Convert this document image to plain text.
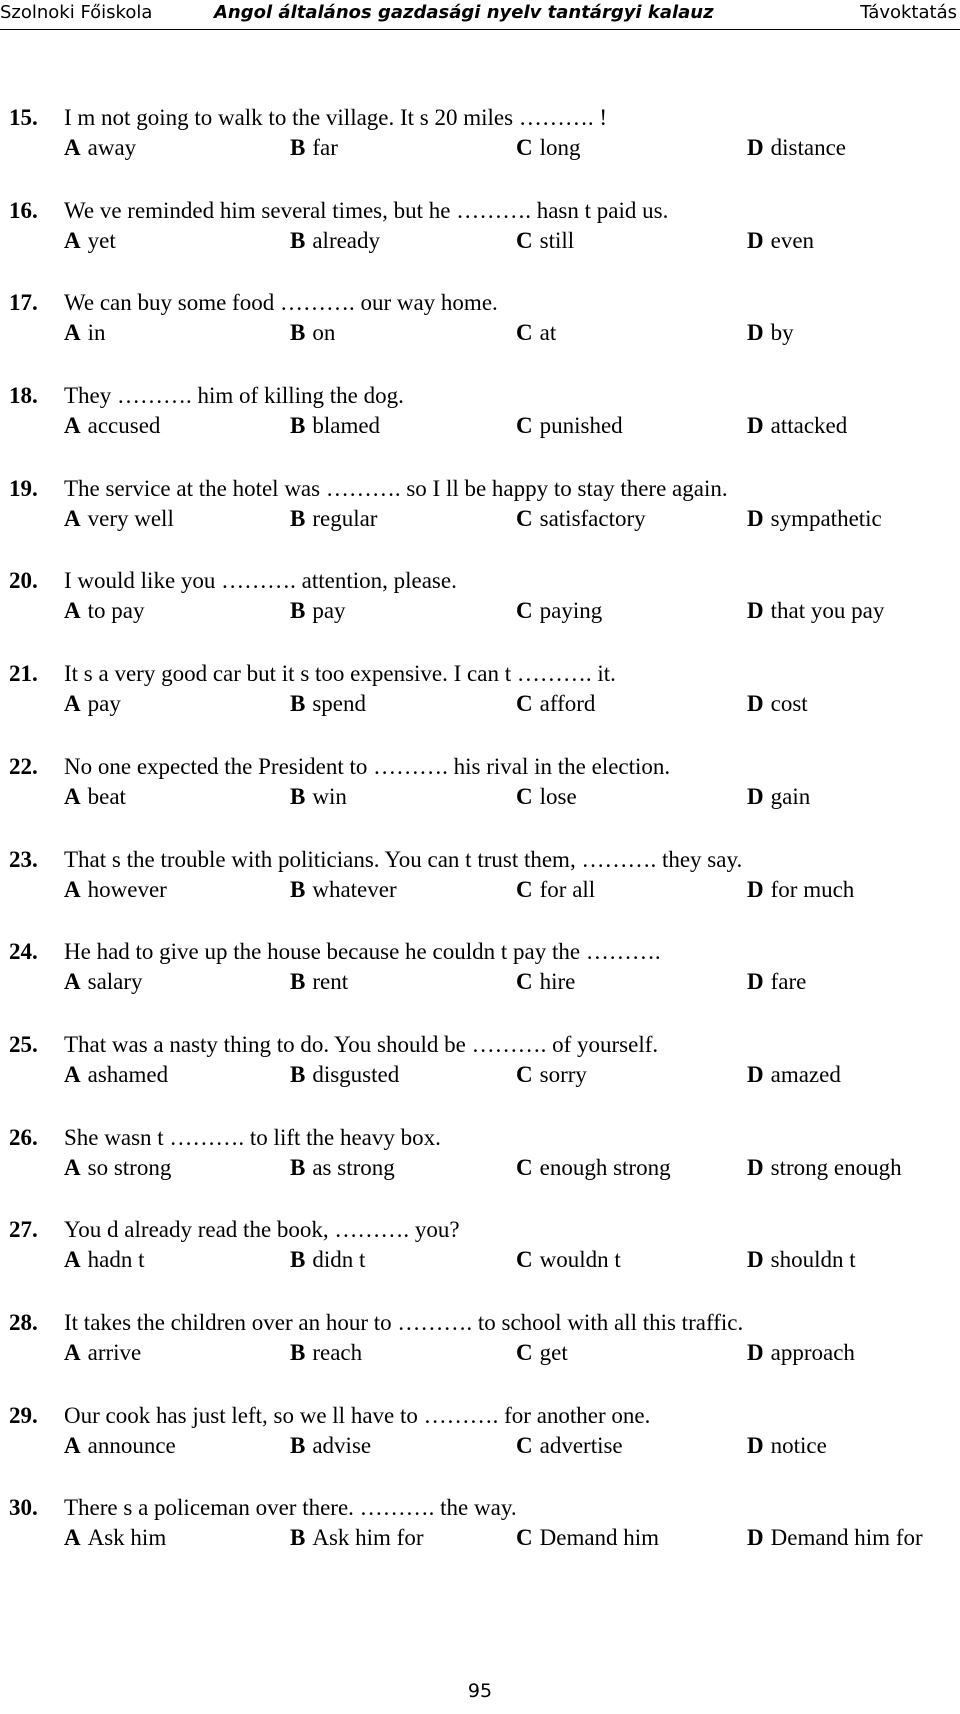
Szolnoki Főiskola	Angol általános gazdasági nyelv tantárgyi kalauz	Távoktatás
15. I m not going to walk to the village. It s 20 miles ………. !
A away	B far	C long	D distance
16. We ve reminded him several times, but he ………. hasn t paid us.
A yet	B already	C still	D even
17. We can buy some food ………. our way home.
A in	B on	C at	D by
18. They ………. him of killing the dog.
A accused	B blamed	C punished	D attacked
19. The service at the hotel was ………. so I ll be happy to stay there again.
A very well	B regular	C satisfactory	D sympathetic
20. I would like you ………. attention, please.
A to pay	B pay	C paying	D that you pay
21. It s a very good car but it s too expensive. I can t ………. it.
A pay	B spend	C afford	D cost
22. No one expected the President to ………. his rival in the election.
A beat	B win	C lose	D gain
23. That s the trouble with politicians. You can t trust them, ………. they say.
A however	B whatever	C for all	D for much
24. He had to give up the house because he couldn t pay the ……….
A salary	B rent	C hire	D fare
25. That was a nasty thing to do. You should be ………. of yourself.
A ashamed	B disgusted	C sorry	D amazed
26. She wasn t ………. to lift the heavy box.
A so strong	B as strong	C enough strong	D strong enough
27. You d already read the book, ………. you?
A hadn t	B didn t	C wouldn t	D shouldn t
28. It takes the children over an hour to ………. to school with all this traffic.
A arrive	B reach	C get	D approach
29. Our cook has just left, so we ll have to ………. for another one.
A announce	B advise	C advertise	D notice
30. There s a policeman over there. ………. the way.
A Ask him	B Ask him for	C Demand him	D Demand him for
95
